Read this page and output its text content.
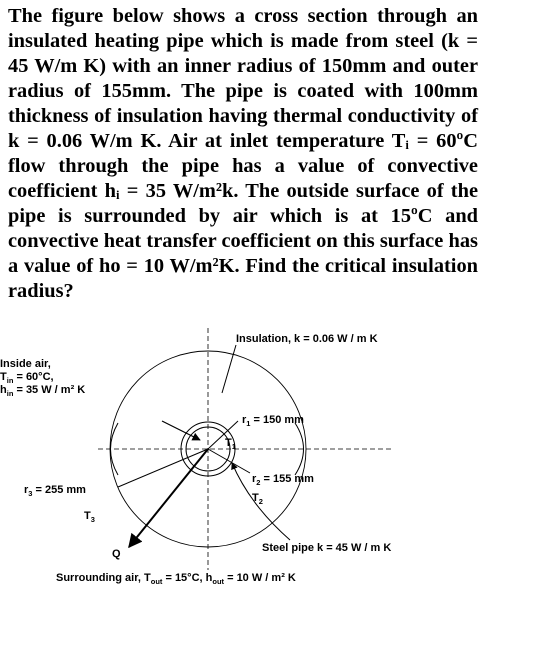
The figure below shows a cross section through an insulated heating pipe which is made from steel (k = 45 W/m K) with an inner radius of 150mm and outer radius of 155mm. The pipe is coated with 100mm thickness of insulation having thermal conductivity of k = 0.06 W/m K. Air at inlet temperature Tᵢ = 60ºC flow through the pipe has a value of convective coefficient hᵢ = 35 W/m²k. The outside surface of the pipe is surrounded by air which is at 15ºC and convective heat transfer coefficient on this surface has a value of ho = 10 W/m²K. Find the critical insulation radius?

Insulation, k = 0.06 W / m K
Inside air,
$T_{in} = 60^\circ C$,
$h_{in} = 35$ W / m² K
$r_1 = 150$ mm
$T_1$
$r_2 = 155$ mm
$T_2$
$r_3 = 255$ mm
$T_3$
Q	Steel pipe k = 45 W / m K
Surrounding air, $T_{out} = 15^\circ C$, $h_{out} = 10$ W / m² K
